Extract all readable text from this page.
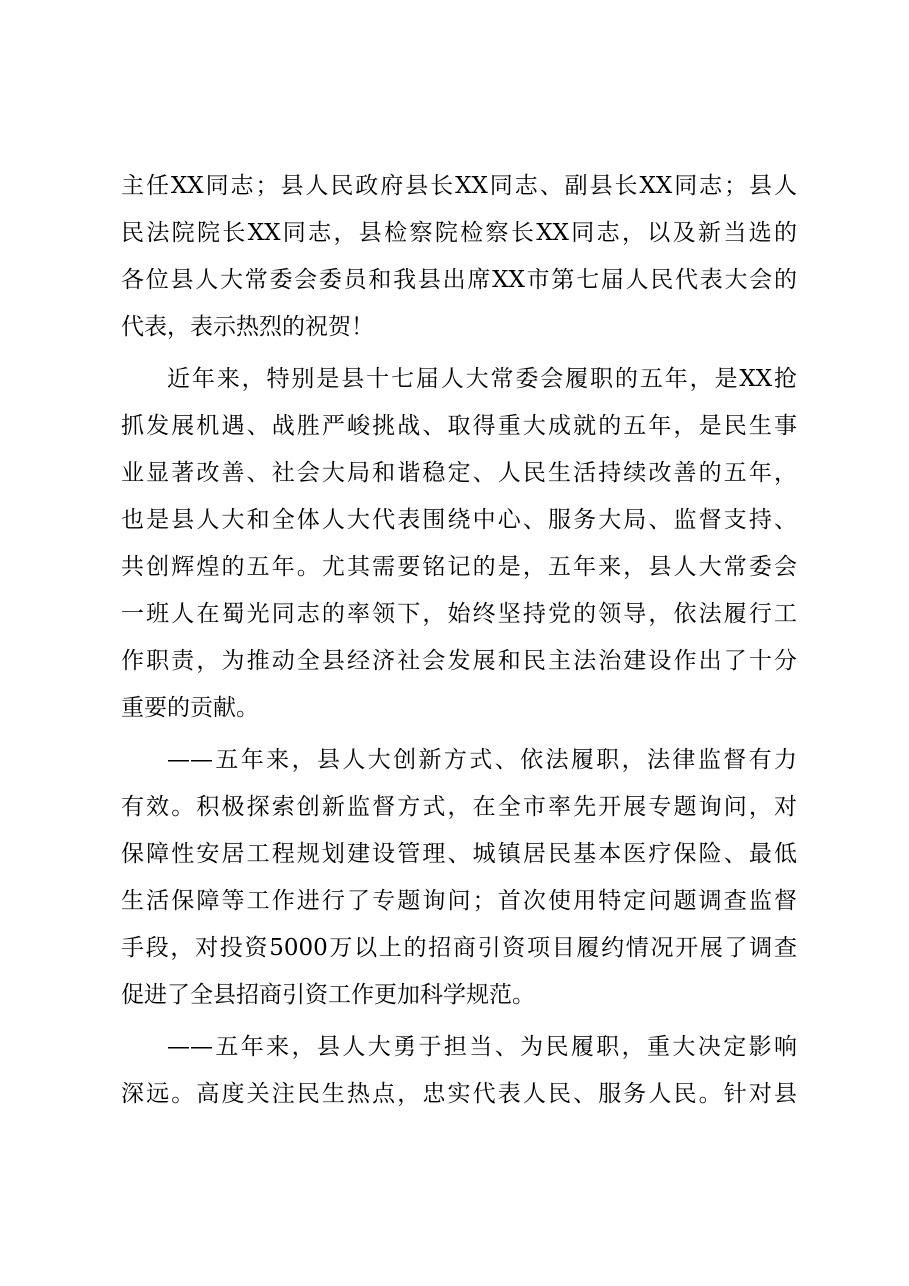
主任XX同志；县人民政府县长XX同志、副县长XX同志；县人
民法院院长XX同志，县检察院检察长XX同志，以及新当选的
各位县人大常委会委员和我县出席XX市第七届人民代表大会的
代表，表示热烈的祝贺！
近年来，特别是县十七届人大常委会履职的五年，是XX抢
抓发展机遇、战胜严峻挑战、取得重大成就的五年，是民生事
业显著改善、社会大局和谐稳定、人民生活持续改善的五年，
也是县人大和全体人大代表围绕中心、服务大局、监督支持、
共创辉煌的五年。尤其需要铭记的是，五年来，县人大常委会
一班人在蜀光同志的率领下，始终坚持党的领导，依法履行工
作职责，为推动全县经济社会发展和民主法治建设作出了十分
重要的贡献。
——五年来，县人大创新方式、依法履职，法律监督有力
有效。积极探索创新监督方式，在全市率先开展专题询问，对
保障性安居工程规划建设管理、城镇居民基本医疗保险、最低
生活保障等工作进行了专题询问；首次使用特定问题调查监督
手段，对投资5000万以上的招商引资项目履约情况开展了调查
促进了全县招商引资工作更加科学规范。
——五年来，县人大勇于担当、为民履职，重大决定影响
深远。高度关注民生热点，忠实代表人民、服务人民。针对县
